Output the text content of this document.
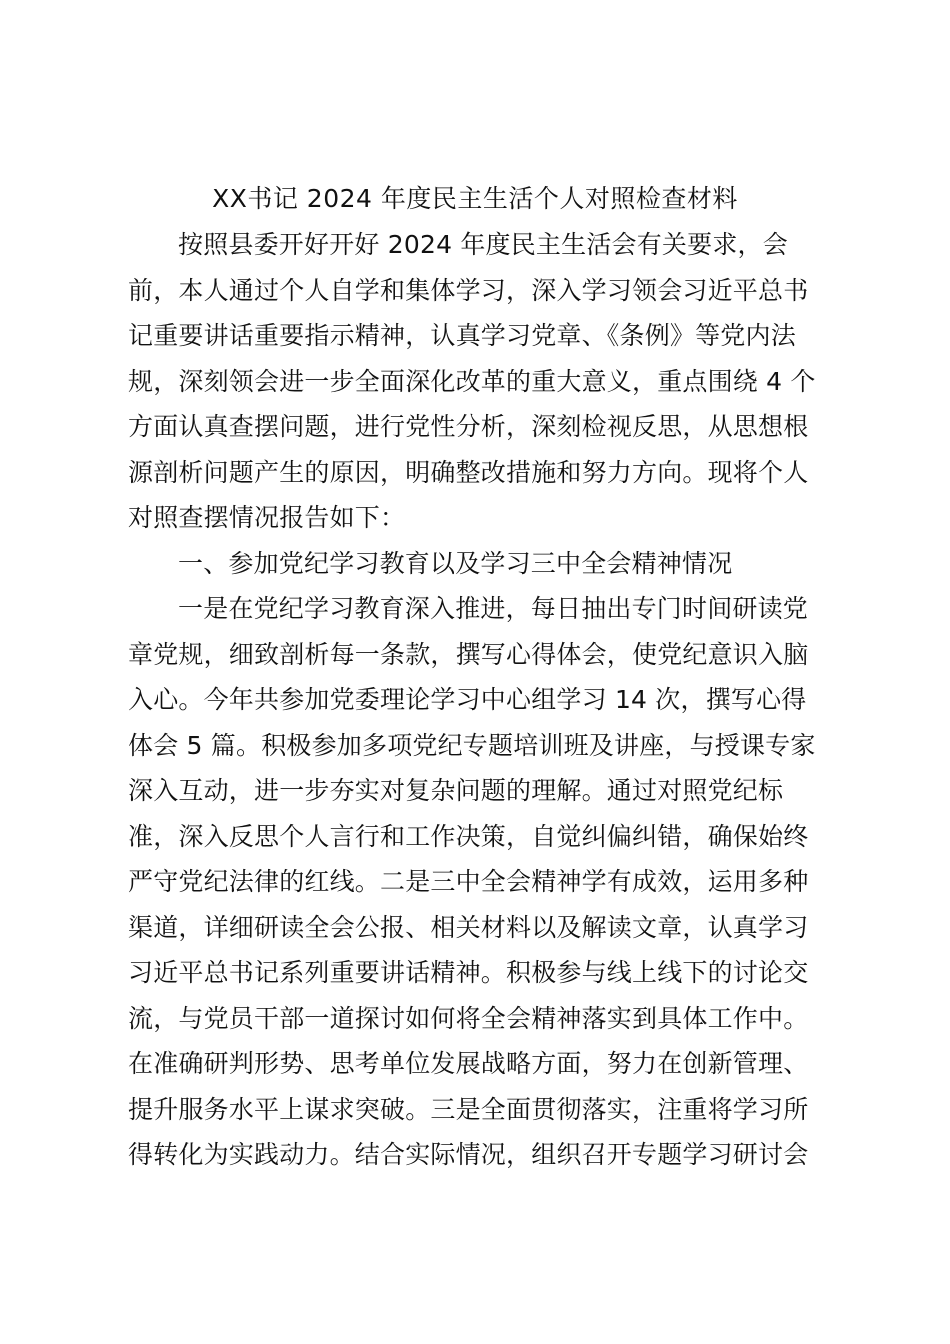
XX书记 2024 年度民主生活个人对照检查材料
按照县委开好开好 2024 年度民主生活会有关要求，会
前，本人通过个人自学和集体学习，深入学习领会习近平总书
记重要讲话重要指示精神，认真学习党章、《条例》等党内法
规，深刻领会进一步全面深化改革的重大意义，重点围绕 4 个
方面认真查摆问题，进行党性分析，深刻检视反思，从思想根
源剖析问题产生的原因，明确整改措施和努力方向。现将个人
对照查摆情况报告如下：
一、参加党纪学习教育以及学习三中全会精神情况
一是在党纪学习教育深入推进，每日抽出专门时间研读党
章党规，细致剖析每一条款，撰写心得体会，使党纪意识入脑
入心。今年共参加党委理论学习中心组学习 14 次，撰写心得
体会 5 篇。积极参加多项党纪专题培训班及讲座，与授课专家
深入互动，进一步夯实对复杂问题的理解。通过对照党纪标
准，深入反思个人言行和工作决策，自觉纠偏纠错，确保始终
严守党纪法律的红线。二是三中全会精神学有成效，运用多种
渠道，详细研读全会公报、相关材料以及解读文章，认真学习
习近平总书记系列重要讲话精神。积极参与线上线下的讨论交
流，与党员干部一道探讨如何将全会精神落实到具体工作中。
在准确研判形势、思考单位发展战略方面，努力在创新管理、
提升服务水平上谋求突破。三是全面贯彻落实，注重将学习所
得转化为实践动力。结合实际情况，组织召开专题学习研讨会
